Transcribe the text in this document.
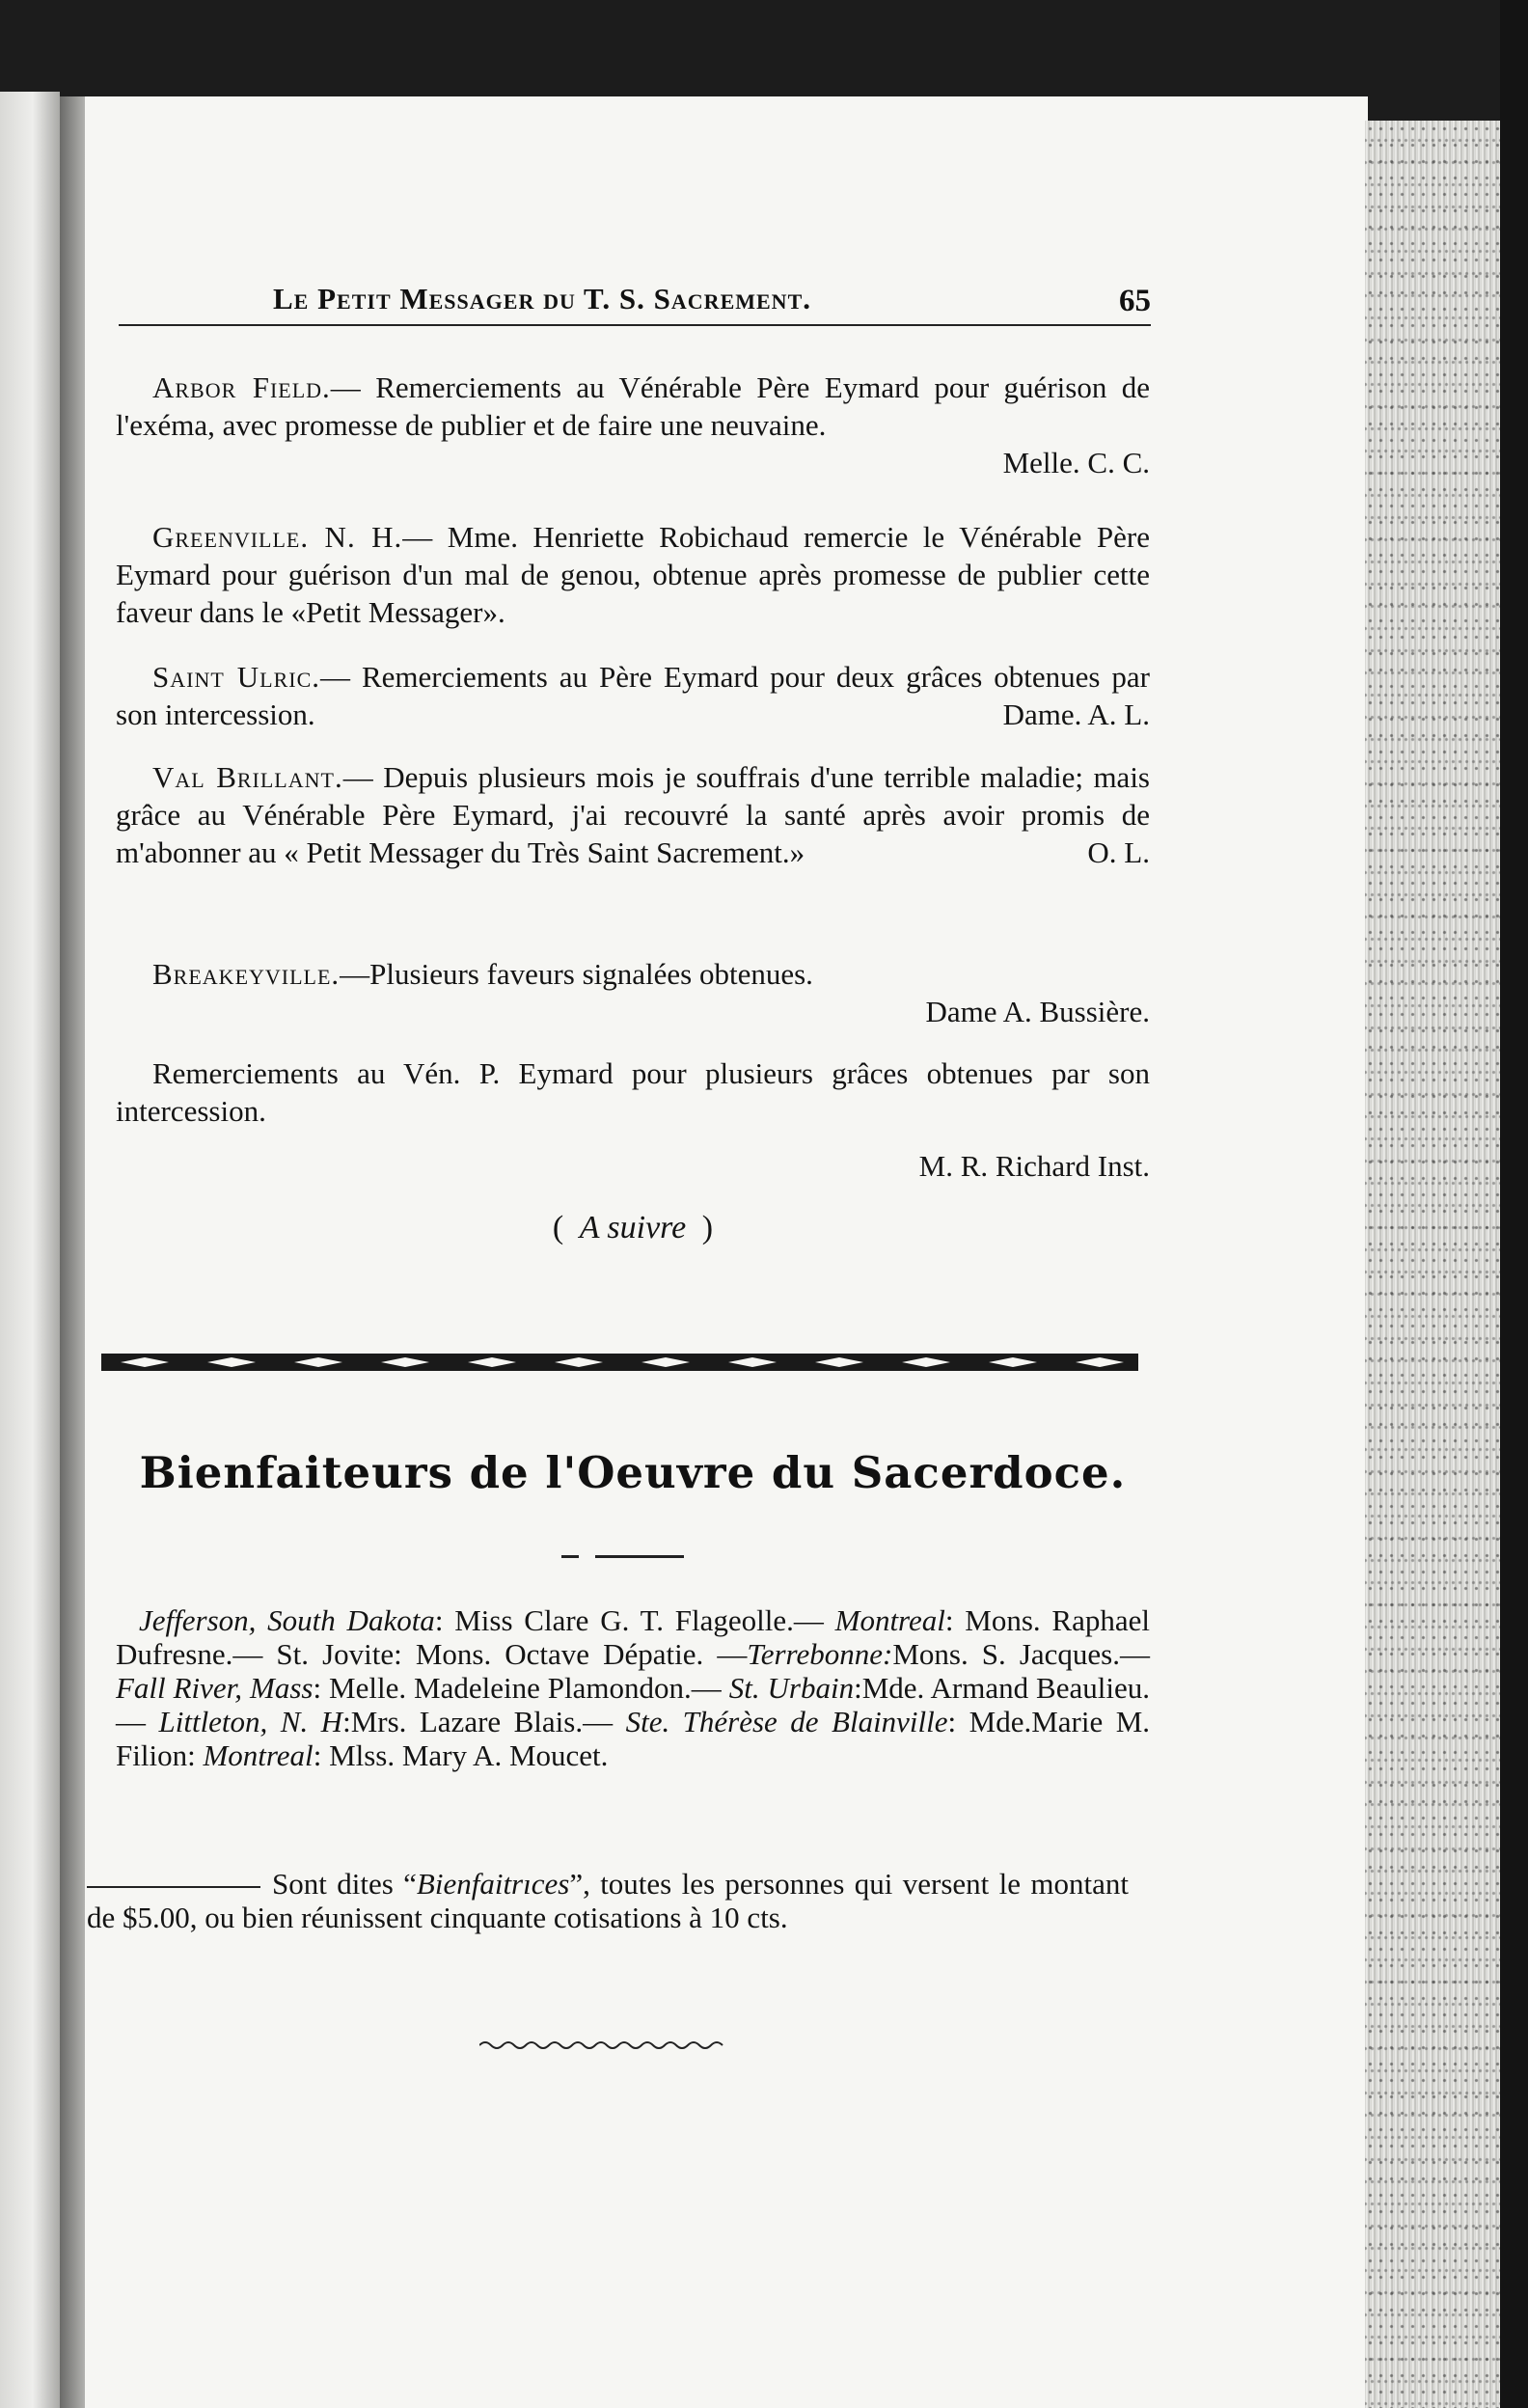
Le Petit Messager du T. S. Sacrement.	65

Arbor Field.— Remerciements au Vénérable Père Eymard pour guérison de l'exéma, avec promesse de publier et de faire une neuvaine.

Melle. C. C.

Greenville. N. H.— Mme. Henriette Robichaud remercie le Vénérable Père Eymard pour guérison d'un mal de genou, obtenue après promesse de publier cette faveur dans le «Petit Messager».

Saint Ulric.— Remerciements au Père Eymard pour deux grâces obtenues par son intercession.	Dame. A. L.

Val Brillant.— Depuis plusieurs mois je souffrais d'une terrible maladie; mais grâce au Vénérable Père Eymard, j'ai recouvré la santé après avoir promis de m'abonner au « Petit Messager du Très Saint Sacrement.»	O. L.

Breakeyville.—Plusieurs faveurs signalées obtenues.

Dame A. Bussière.

Remerciements au Vén. P. Eymard pour plusieurs grâces obtenues par son intercession.

M. R. Richard Inst.

( A suivre )
Bienfaiteurs de l'Oeuvre du Sacerdoce.

Jefferson, South Dakota: Miss Clare G. T. Flageolle.— Montreal: Mons. Raphael Dufresne.— St. Jovite: Mons. Octave Dépatie. —Terrebonne:Mons. S. Jacques.— Fall River, Mass: Melle. Madeleine Plamondon.— St. Urbain:Mde. Armand Beaulieu.— Littleton, N. H:Mrs. Lazare Blais.— Ste. Thérèse de Blainville: Mde.Marie M. Filion: Montreal: Mlss. Mary A. Moucet.

Sont dites “Bienfaitrıces”, toutes les personnes qui versent le montant de $5.00, ou bien réunissent cinquante cotisations à 10 cts.
